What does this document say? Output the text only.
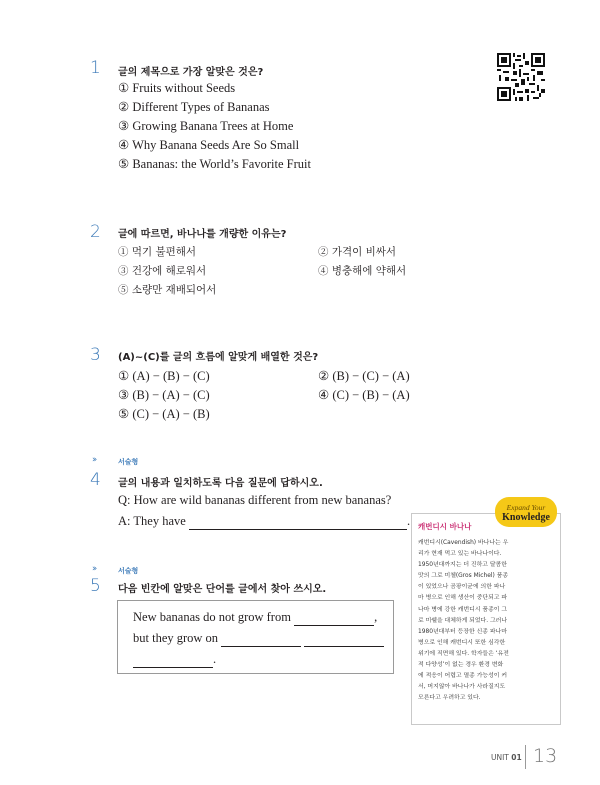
1 글의 제목으로 가장 알맞은 것은?
① Fruits without Seeds
② Different Types of Bananas
③ Growing Banana Trees at Home
④ Why Banana Seeds Are So Small
⑤ Bananas: the World’s Favorite Fruit
2 글에 따르면, 바나나를 개량한 이유는?
① 먹기 불편해서	② 가격이 비싸서
③ 건강에 해로워서	④ 병충해에 약해서
⑤ 소량만 재배되어서
3 (A)~(C)를 글의 흐름에 알맞게 배열한 것은?
① (A) − (B) − (C)	② (B) − (C) − (A)
③ (B) − (A) − (C)	④ (C) − (B) − (A)
⑤ (C) − (A) − (B)
››	서술형
4 글의 내용과 일치하도록 다음 질문에 답하시오.
Q: How are wild bananas different from new bananas?
A: They have	.
››	서술형
5 다음 빈칸에 알맞은 단어를 글에서 찾아 쓰시오.
New bananas do not grow from	,
but they grow on
.
Expand Your
Knowledge
캐번디시 바나나
캐번디시(Cavendish) 바나나는 우
리가 현재 먹고 있는 바나나이다.
1950년대까지는 더 진하고 달콤한
맛의 그로 미첼(Gros Michel) 품종
이 있었으나 곰팡이균에 의한 파나
마 병으로 인해 생산이 중단되고 파
나마 병에 강한 캐번디시 품종이 그
로 미쉘을 대체하게 되었다. 그러나
1980년대부터 등장한 신종 파나마
병으로 인해 캐번디시 또한 심각한
위기에 직면해 있다. 학자들은 ‘유전
적 다양성’이 없는 경우 환경 변화
에 적응이 어렵고 멸종 가능성이 커
서, 머지않아 바나나가 사라질지도
모른다고 우려하고 있다.
UNIT 01 13
